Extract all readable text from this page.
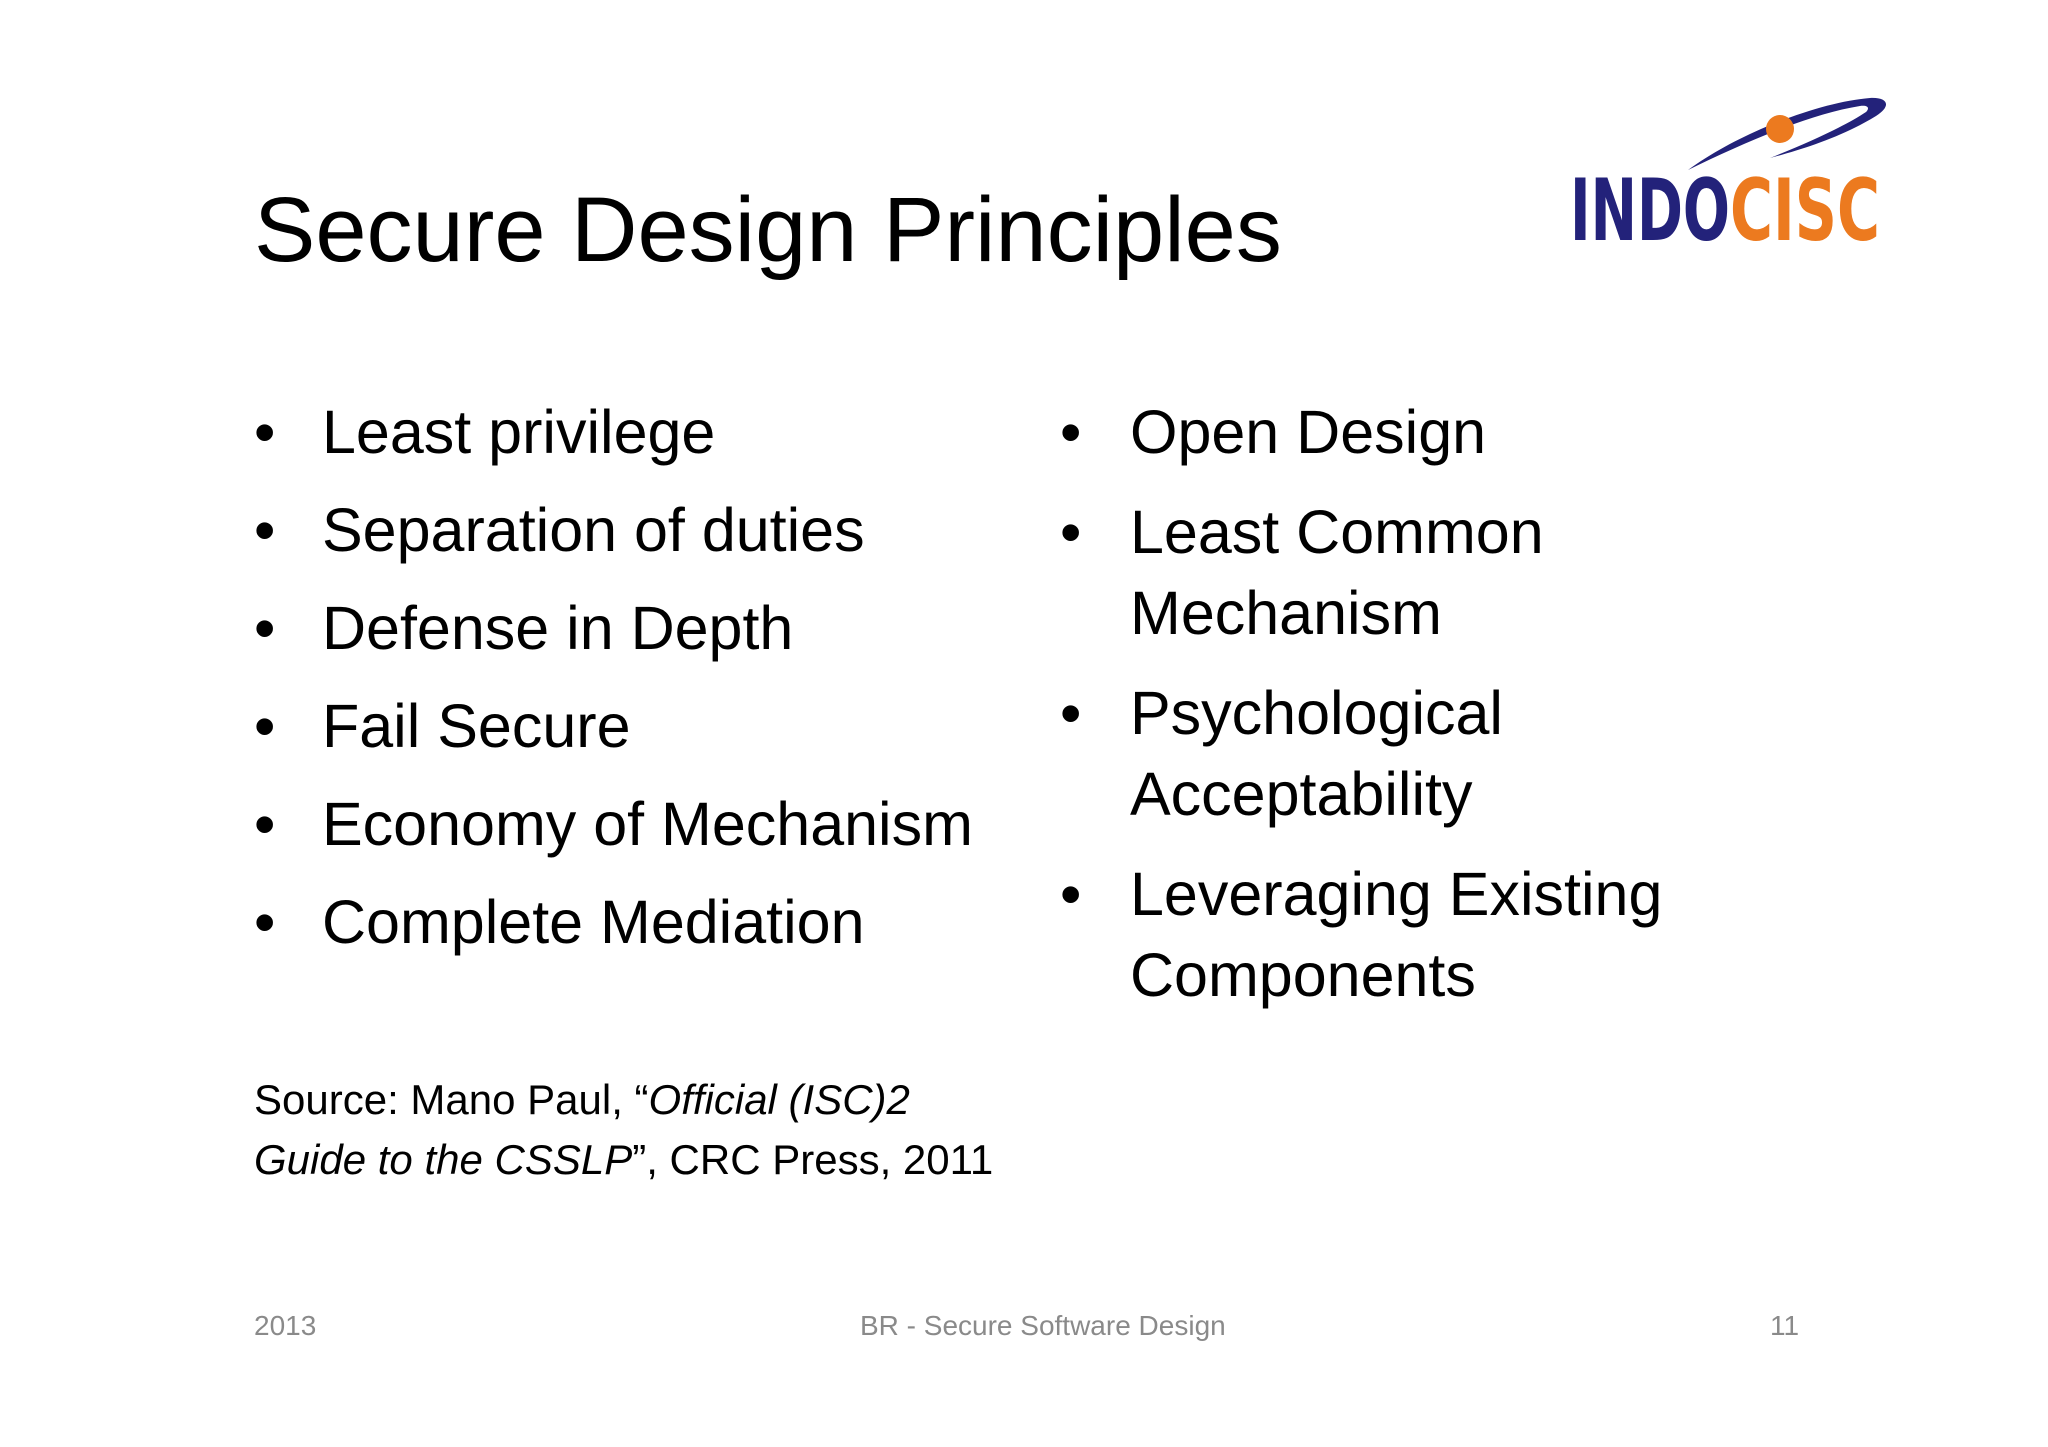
Secure Design Principles	INDO CISC
• Least privilege
• Separation of duties
• Defense in Depth
• Fail Secure
• Economy of Mechanism
• Complete Mediation
• Open Design
• Least Common
Mechanism
• Psychological
Acceptability
• Leveraging Existing
Components
Source: Mano Paul, “Official (ISC)2
Guide to the CSSLP”, CRC Press, 2011
2013	BR - Secure Software Design	11
